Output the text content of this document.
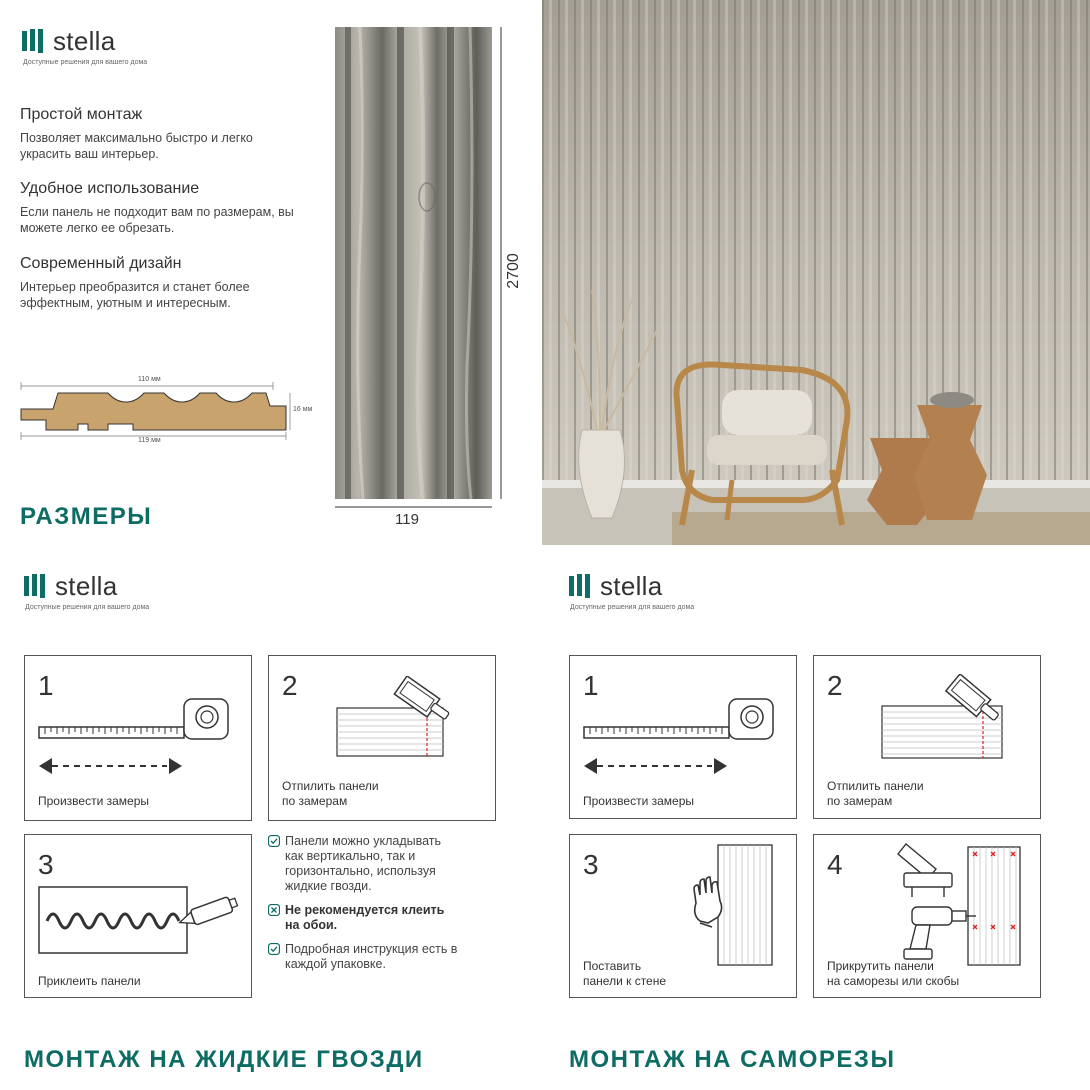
stella
Доступные решения для вашего дома
Простой монтаж
Позволяет максимально быстро и легко украсить ваш интерьер.
Удобное использование
Если панель не подходит вам по размерам, вы можете легко ее обрезать.
Современный дизайн
Интерьер преобразится и станет более эффектным, уютным и интересным.
110 мм
119 мм
16 мм
РАЗМЕРЫ
2700
119
stella
Доступные решения для вашего дома
1
Произвести замеры
2
Отпилить панели
по замерам
3
Приклеить панели
Панели можно укладывать как вертикально, так и горизонтально, используя жидкие гвозди.
Не рекомендуется клеить на обои.
Подробная инструкция есть в каждой упаковке.
МОНТАЖ НА ЖИДКИЕ ГВОЗДИ
stella
Доступные решения для вашего дома
1
Произвести замеры
2
Отпилить панели
по замерам
3
Поставить
панели к стене
4
Прикрутить панели
на саморезы или скобы
МОНТАЖ НА САМОРЕЗЫ
